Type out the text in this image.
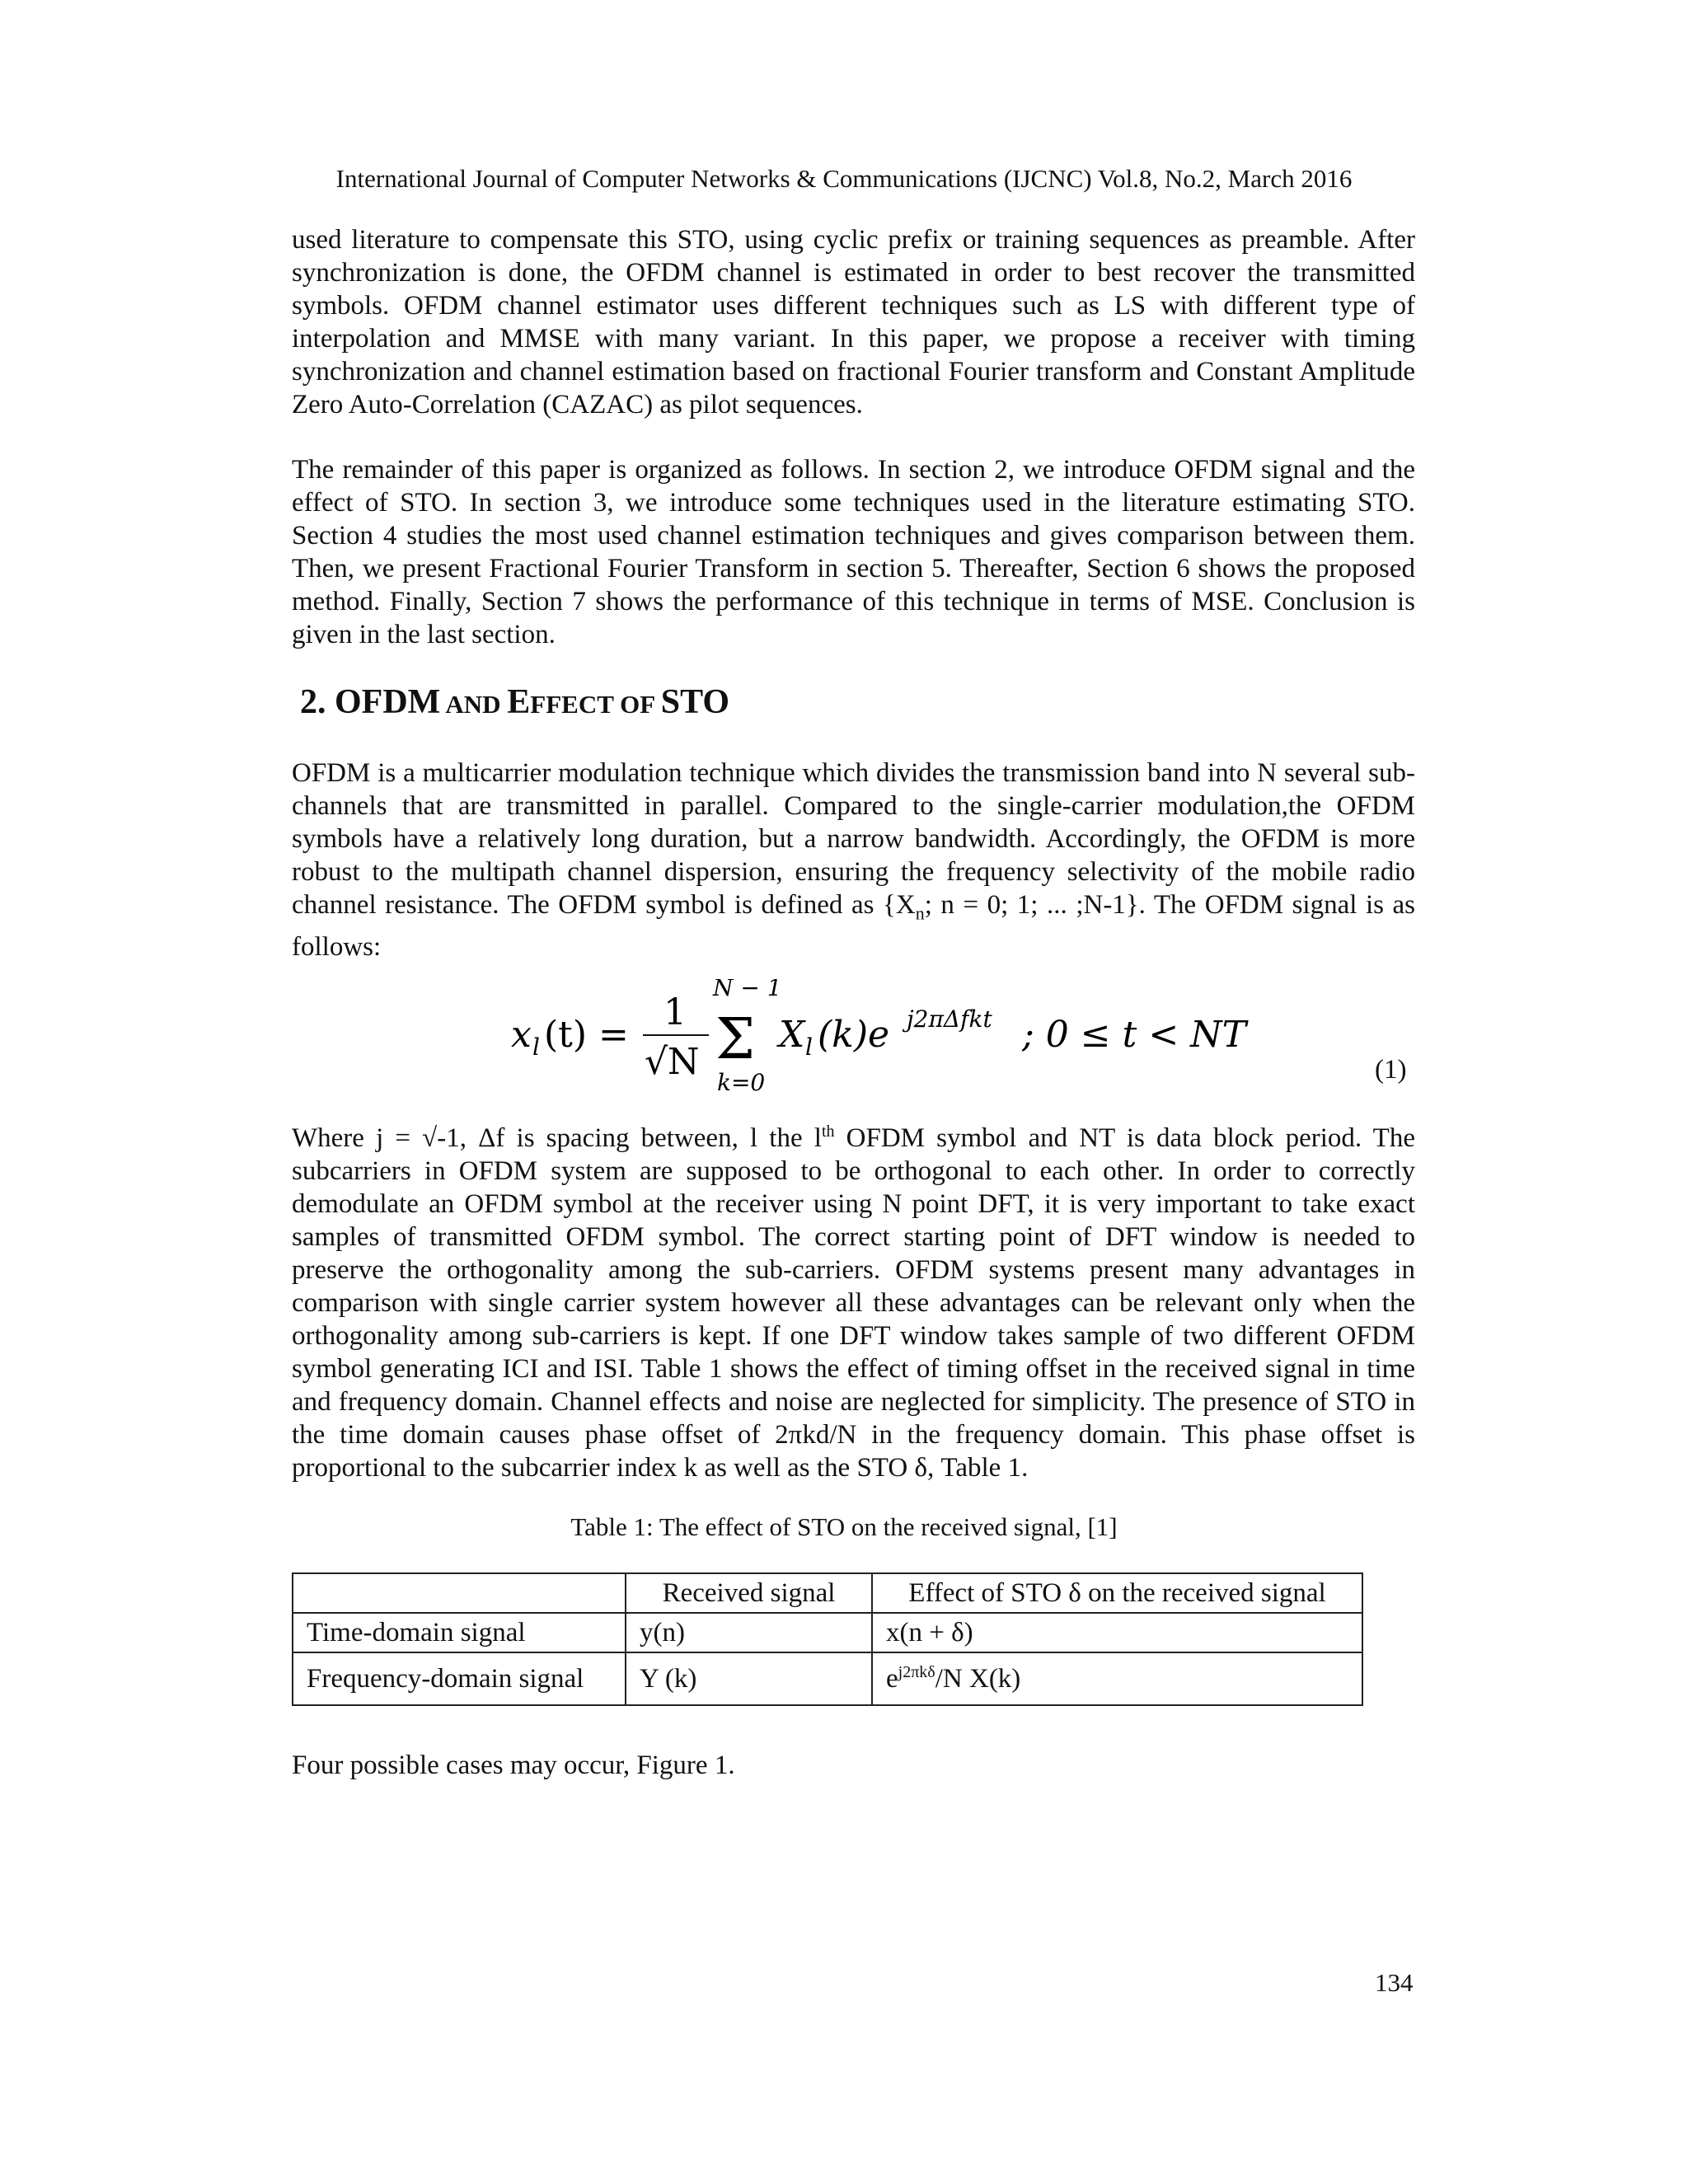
International Journal of Computer Networks & Communications (IJCNC) Vol.8, No.2, March 2016

used literature to compensate this STO, using cyclic prefix or training sequences as preamble. After synchronization is done, the OFDM channel is estimated in order to best recover the transmitted symbols. OFDM channel estimator uses different techniques such as LS with different type of interpolation and MMSE with many variant. In this paper, we propose a receiver with timing synchronization and channel estimation based on fractional Fourier transform and Constant Amplitude Zero Auto-Correlation (CAZAC) as pilot sequences.

The remainder of this paper is organized as follows. In section 2, we introduce OFDM signal and the effect of STO. In section 3, we introduce some techniques used in the literature estimating STO. Section 4 studies the most used channel estimation techniques and gives comparison between them. Then, we present Fractional Fourier Transform in section 5. Thereafter, Section 6 shows the proposed method. Finally, Section 7 shows the performance of this technique in terms of MSE. Conclusion is given in the last section.

2. OFDM AND EFFECT OF STO

OFDM is a multicarrier modulation technique which divides the transmission band into N several sub-channels that are transmitted in parallel. Compared to the single-carrier modulation,the OFDM symbols have a relatively long duration, but a narrow bandwidth. Accordingly, the OFDM is more robust to the multipath channel dispersion, ensuring the frequency selectivity of the mobile radio channel resistance. The OFDM symbol is defined as {$X_n$; n = 0; 1; ... ;N-1}. The OFDM signal is as follows:

x l (t) =
1
√N
N − 1
Σ
k=0
X l (k)e j2πΔfkt ; 0 ≤ t < NT
(1)

Where j = √-1, Δf is spacing between, l the $l^{th}$ OFDM symbol and NT is data block period. The subcarriers in OFDM system are supposed to be orthogonal to each other. In order to correctly demodulate an OFDM symbol at the receiver using N point DFT, it is very important to take exact samples of transmitted OFDM symbol. The correct starting point of DFT window is needed to preserve the orthogonality among the sub-carriers. OFDM systems present many advantages in comparison with single carrier system however all these advantages can be relevant only when the orthogonality among sub-carriers is kept. If one DFT window takes sample of two different OFDM symbol generating ICI and ISI. Table 1 shows the effect of timing offset in the received signal in time and frequency domain. Channel effects and noise are neglected for simplicity. The presence of STO in the time domain causes phase offset of 2πkd/N in the frequency domain. This phase offset is proportional to the subcarrier index k as well as the STO δ, Table 1.

Table 1: The effect of STO on the received signal, [1]
	Received signal	Effect of STO δ on the received signal
Time-domain signal	y(n)	x(n + δ)
Frequency-domain signal	Y (k)	$e^{j2\pi k\delta}/N$ X(k)
Four possible cases may occur, Figure 1.
134
